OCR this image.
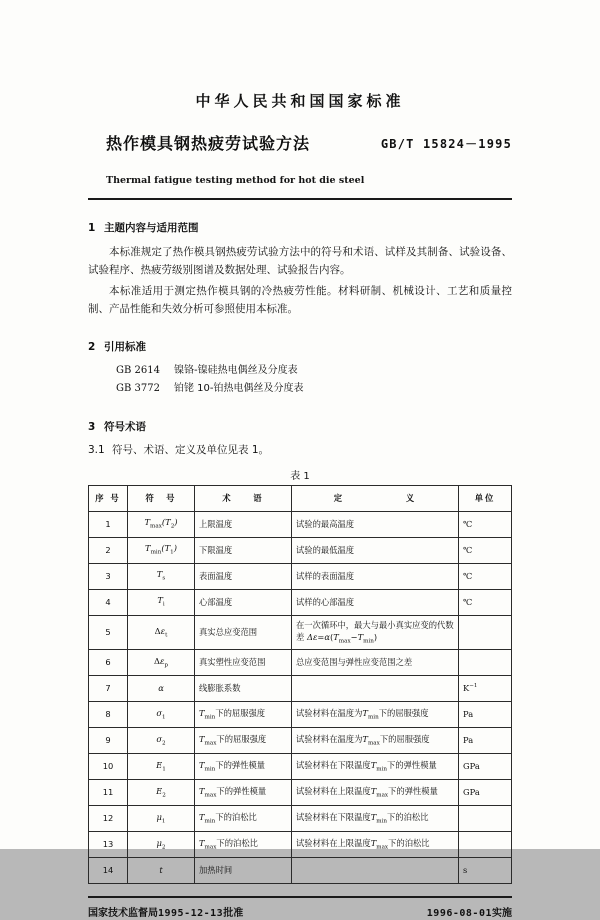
中华人民共和国国家标准
热作模具钢热疲劳试验方法	GB/T 15824－1995
Thermal fatigue testing method for hot die steel
1 主题内容与适用范围

本标准规定了热作模具钢热疲劳试验方法中的符号和术语、试样及其制备、试验设备、试验程序、热疲劳级别图谱及数据处理、试验报告内容。

本标准适用于测定热作模具钢的冷热疲劳性能。材料研制、机械设计、工艺和质量控制、产品性能和失效分析可参照使用本标准。

2 引用标准
GB 2614 镍铬-镍硅热电偶丝及分度表
GB 3772 铂铑 10-铂热电偶丝及分度表
3 符号术语
3.1 符号、术语、定义及单位见表 1。
表 1
序 号	符　号	术　　语	定　　　　　　义	单位
1	$T_{max}(T_2)$	上限温度	试验的最高温度	℃
2	$T_{min}(T_1)$	下限温度	试验的最低温度	℃
3	$T_s$	表面温度	试样的表面温度	℃
4	$T_i$	心部温度	试样的心部温度	℃
5	$\Delta\varepsilon_t$	真实总应变范围	在一次循环中，最大与最小真实应变的代数差 $\Delta\varepsilon=\alpha(T_{max}-T_{min})$	
6	$\Delta\varepsilon_p$	真实塑性应变范围	总应变范围与弹性应变范围之差	
7	α	线膨胀系数		$K^{-1}$
8	$\sigma_1$	$T_{min}$下的屈服强度	试验材料在温度为$T_{min}$下的屈服强度	Pa
9	$\sigma_2$	$T_{max}$下的屈服强度	试验材料在温度为$T_{max}$下的屈服强度	Pa
10	$E_1$	$T_{min}$下的弹性模量	试验材料在下限温度$T_{min}$下的弹性模量	GPa
11	$E_2$	$T_{max}$下的弹性模量	试验材料在上限温度$T_{max}$下的弹性模量	GPa
12	$\mu_1$	$T_{min}$下的泊松比	试验材料在下限温度$T_{min}$下的泊松比	
13	$\mu_2$	$T_{max}$下的泊松比	试验材料在上限温度$T_{max}$下的泊松比	
14	t	加热时间		s
国家技术监督局1995-12-13批准	1996-08-01实施
